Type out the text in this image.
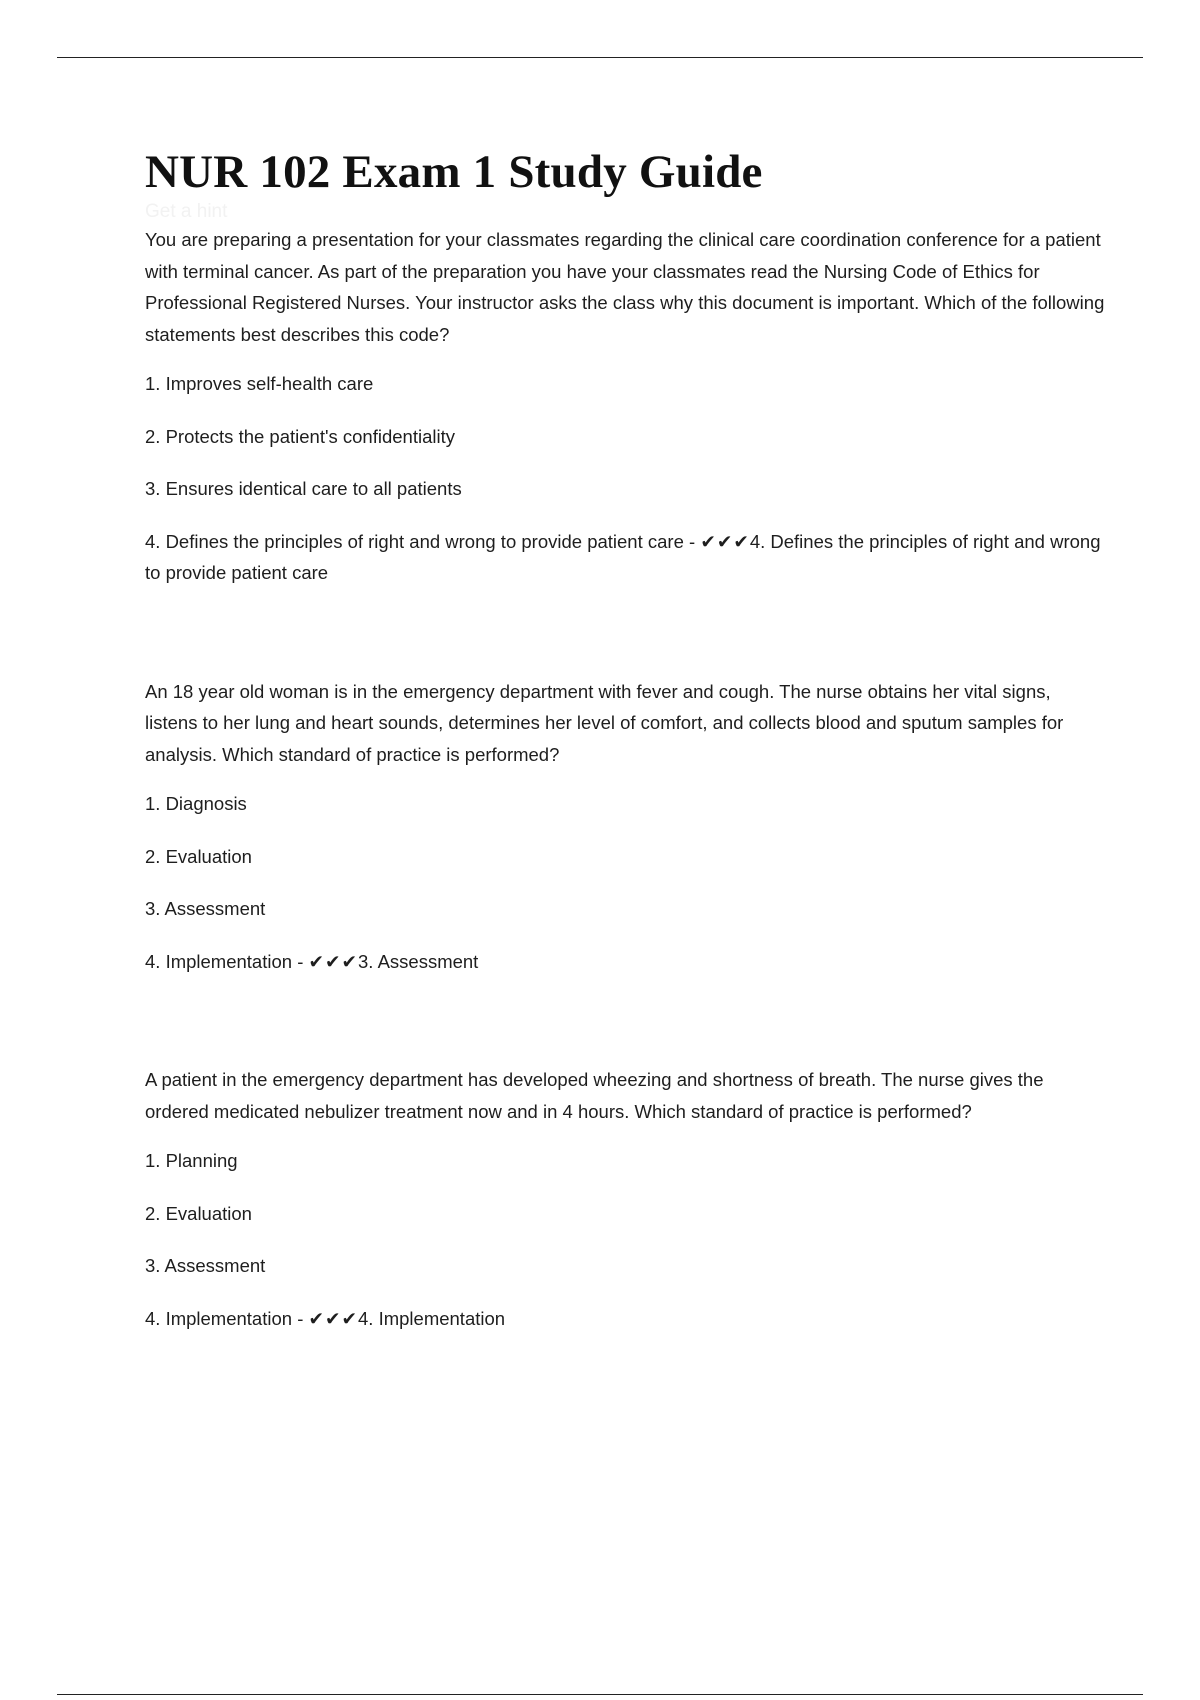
Get a hint
NUR 102 Exam 1 Study Guide

You are preparing a presentation for your classmates regarding the clinical care coordination conference for a patient with terminal cancer. As part of the preparation you have your classmates read the Nursing Code of Ethics for Professional Registered Nurses. Your instructor asks the class why this document is important. Which of the following statements best describes this code?

1. Improves self-health care

2. Protects the patient's confidentiality

3. Ensures identical care to all patients

4. Defines the principles of right and wrong to provide patient care - ✔✔✔4. Defines the principles of right and wrong to provide patient care

An 18 year old woman is in the emergency department with fever and cough. The nurse obtains her vital signs, listens to her lung and heart sounds, determines her level of comfort, and collects blood and sputum samples for analysis. Which standard of practice is performed?

1. Diagnosis

2. Evaluation

3. Assessment

4. Implementation - ✔✔✔3. Assessment

A patient in the emergency department has developed wheezing and shortness of breath. The nurse gives the ordered medicated nebulizer treatment now and in 4 hours. Which standard of practice is performed?

1. Planning

2. Evaluation

3. Assessment

4. Implementation - ✔✔✔4. Implementation
